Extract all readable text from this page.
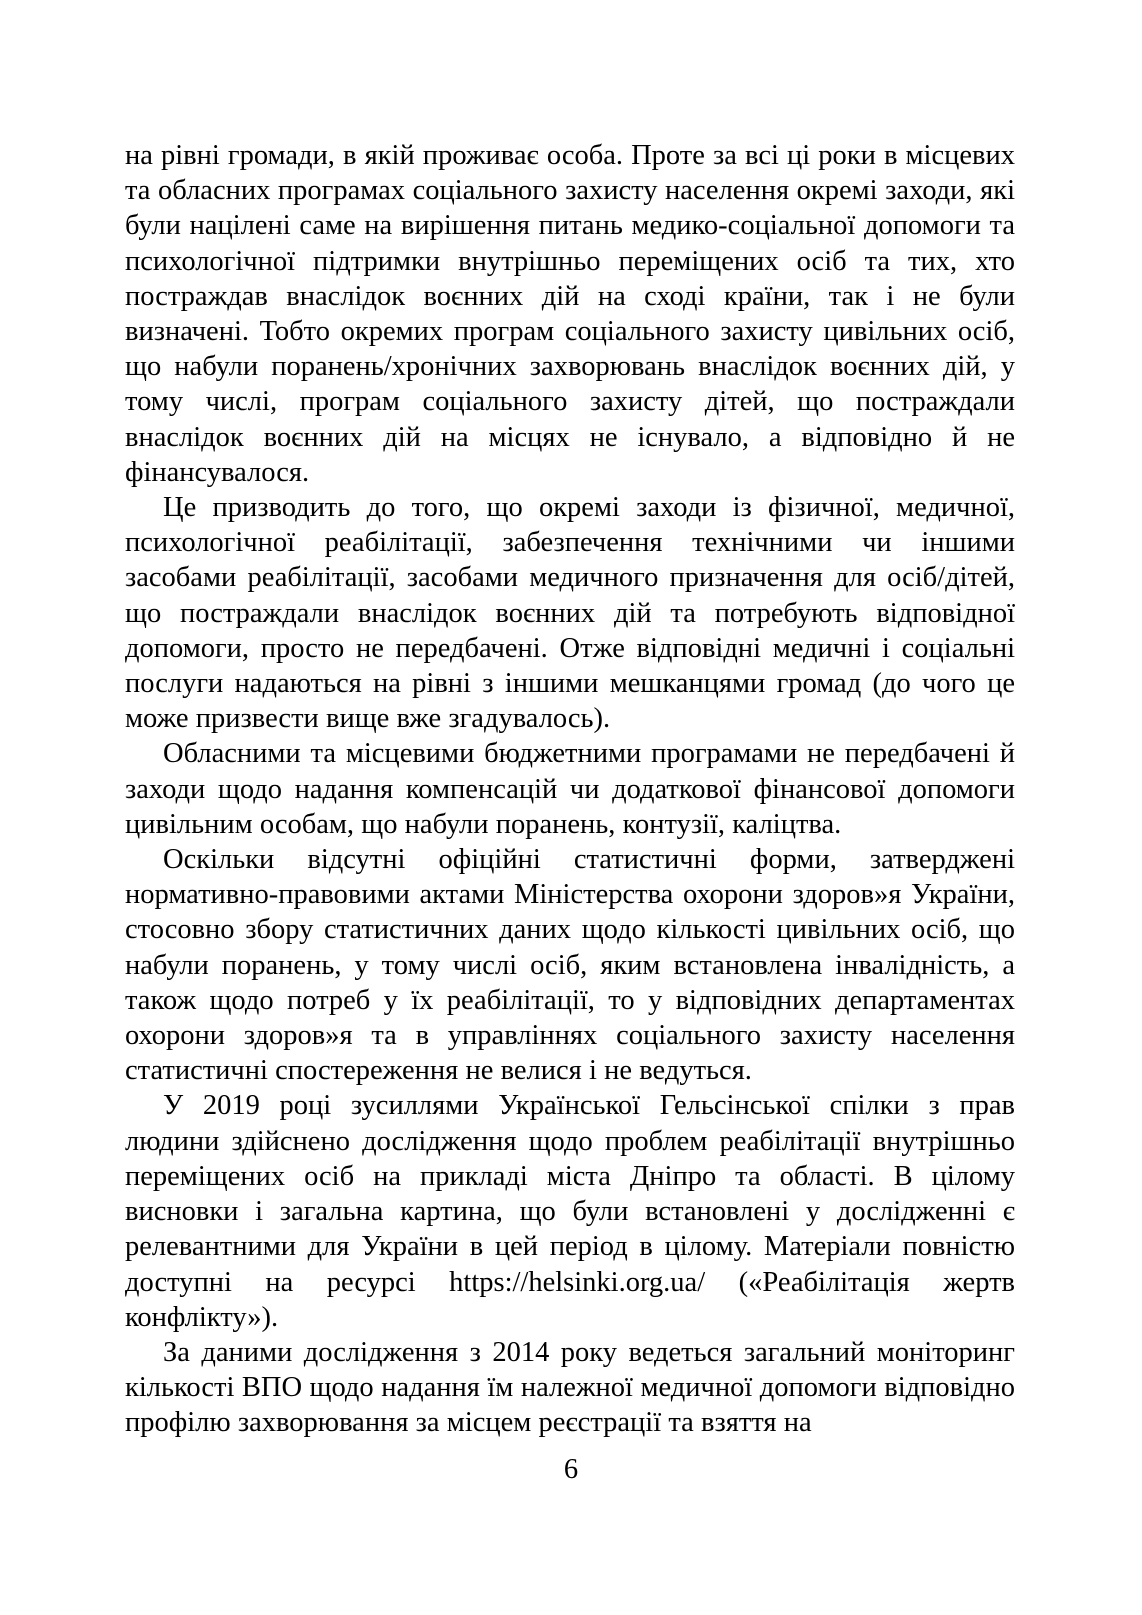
на рівні громади, в якій проживає особа. Проте за всі ці роки в місцевих та обласних програмах соціального захисту населення окремі заходи, які були націлені саме на вирішення питань медико-соціальної допомоги та психологічної підтримки внутрішньо переміщених осіб та тих, хто постраждав внаслідок воєнних дій на сході країни, так і не були визначені. Тобто окремих програм соціального захисту цивільних осіб, що набули поранень/хронічних захворювань внаслідок воєнних дій, у тому числі, програм соціального захисту дітей, що постраждали внаслідок воєнних дій на місцях не існувало, а відповідно й не фінансувалося.

Це призводить до того, що окремі заходи із фізичної, медичної, психологічної реабілітації, забезпечення технічними чи іншими засобами реабілітації, засобами медичного призначення для осіб/дітей, що постраждали внаслідок воєнних дій та потребують відповідної допомоги, просто не передбачені. Отже відповідні медичні і соціальні послуги надаються на рівні з іншими мешканцями громад (до чого це може призвести вище вже згадувалось).

Обласними та місцевими бюджетними програмами не передбачені й заходи щодо надання компенсацій чи додаткової фінансової допомоги цивільним особам, що набули поранень, контузії, каліцтва.

Оскільки відсутні офіційні статистичні форми, затверджені нормативно-правовими актами Міністерства охорони здоров»я України, стосовно збору статистичних даних щодо кількості цивільних осіб, що набули поранень, у тому числі осіб, яким встановлена інвалідність, а також щодо потреб у їх реабілітації, то у відповідних департаментах охорони здоров»я та в управліннях соціального захисту населення статистичні спостереження не велися і не ведуться.

У 2019 році зусиллями Української Гельсінської спілки з прав людини здійснено дослідження щодо проблем реабілітації внутрішньо переміщених осіб на прикладі міста Дніпро та області. В цілому висновки і загальна картина, що були встановлені у дослідженні є релевантними для України в цей період в цілому. Матеріали повністю доступні на ресурсі https://helsinki.org.ua/ («Реабілітація жертв конфлікту»).

За даними дослідження з 2014 року ведеться загальний моніторинг кількості ВПО щодо надання їм належної медичної допомоги відповідно профілю захворювання за місцем реєстрації та взяття на

6
